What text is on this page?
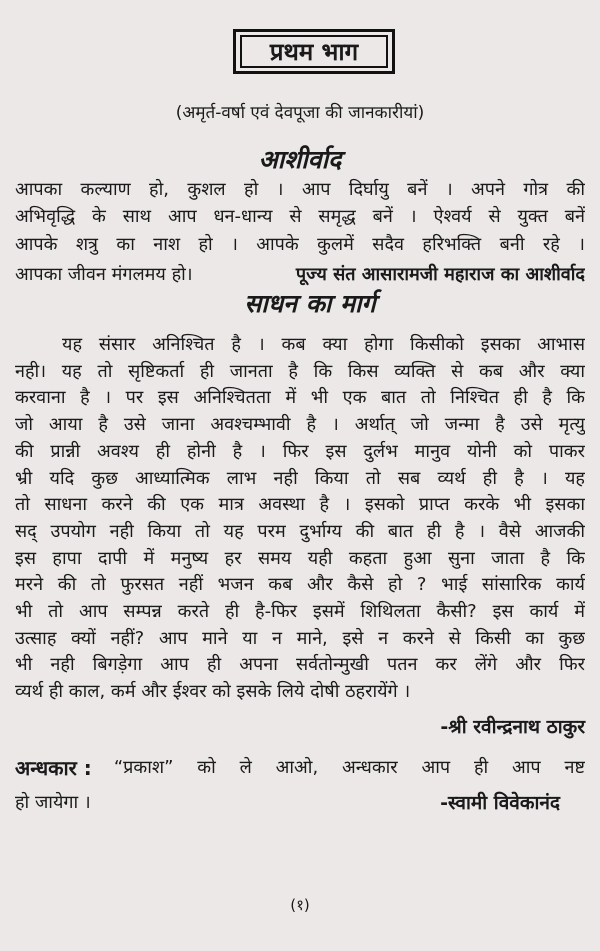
प्रथम भाग
(अमृर्त-वर्षा एवं देवपूजा की जानकारीयां)
आशीर्वाद
आपका कल्याण हो, कुशल हो । आप दिर्घायु बनें । अपने गोत्र की
अभिवृद्धि के साथ आप धन-धान्य से समृद्ध बनें । ऐश्वर्य से युक्त बनें
आपके शत्रु का नाश हो । आपके कुलमें सदैव हरिभक्ति बनी रहे ।
आपका जीवन मंगलमय हो।	पूज्य संत आसारामजी महाराज का आशीर्वाद
साधन का मार्ग
यह संसार अनिश्चित है । कब क्या होगा किसीको इसका आभास
नही। यह तो सृष्टिकर्ता ही जानता है कि किस व्यक्ति से कब और क्या
करवाना है । पर इस अनिश्चितता में भी एक बात तो निश्चित ही है कि
जो आया है उसे जाना अवश्चम्भावी है । अर्थात् जो जन्मा है उसे मृत्यु
की प्रान्नी अवश्य ही होनी है । फिर इस दुर्लभ मानुव योनी को पाकर
भ्री यदि कुछ आध्यात्मिक लाभ नही किया तो सब व्यर्थ ही है । यह
तो साधना करने की एक मात्र अवस्था है । इसको प्राप्त करके भी इसका
सद् उपयोग नही किया तो यह परम दुर्भाग्य की बात ही है । वैसे आजकी
इस हापा दापी में मनुष्य हर समय यही कहता हुआ सुना जाता है कि
मरने की तो फुरसत नहीं भजन कब और कैसे हो ? भाई सांसारिक कार्य
भी तो आप सम्पन्न करते ही है-फिर इसमें शिथिलता कैसी? इस कार्य में
उत्साह क्यों नहीं? आप माने या न माने, इसे न करने से किसी का कुछ
भी नही बिगड़ेगा आप ही अपना सर्वतोन्मुखी पतन कर लेंगे और फिर
व्यर्थ ही काल, कर्म और ईश्वर को इसके लिये दोषी ठहरायेंगे ।
-श्री रवीन्द्रनाथ ठाकुर
अन्धकार : “प्रकाश” को ले आओ, अन्धकार आप ही आप नष्ट
हो जायेगा ।	-स्वामी विवेकानंद
(१)
